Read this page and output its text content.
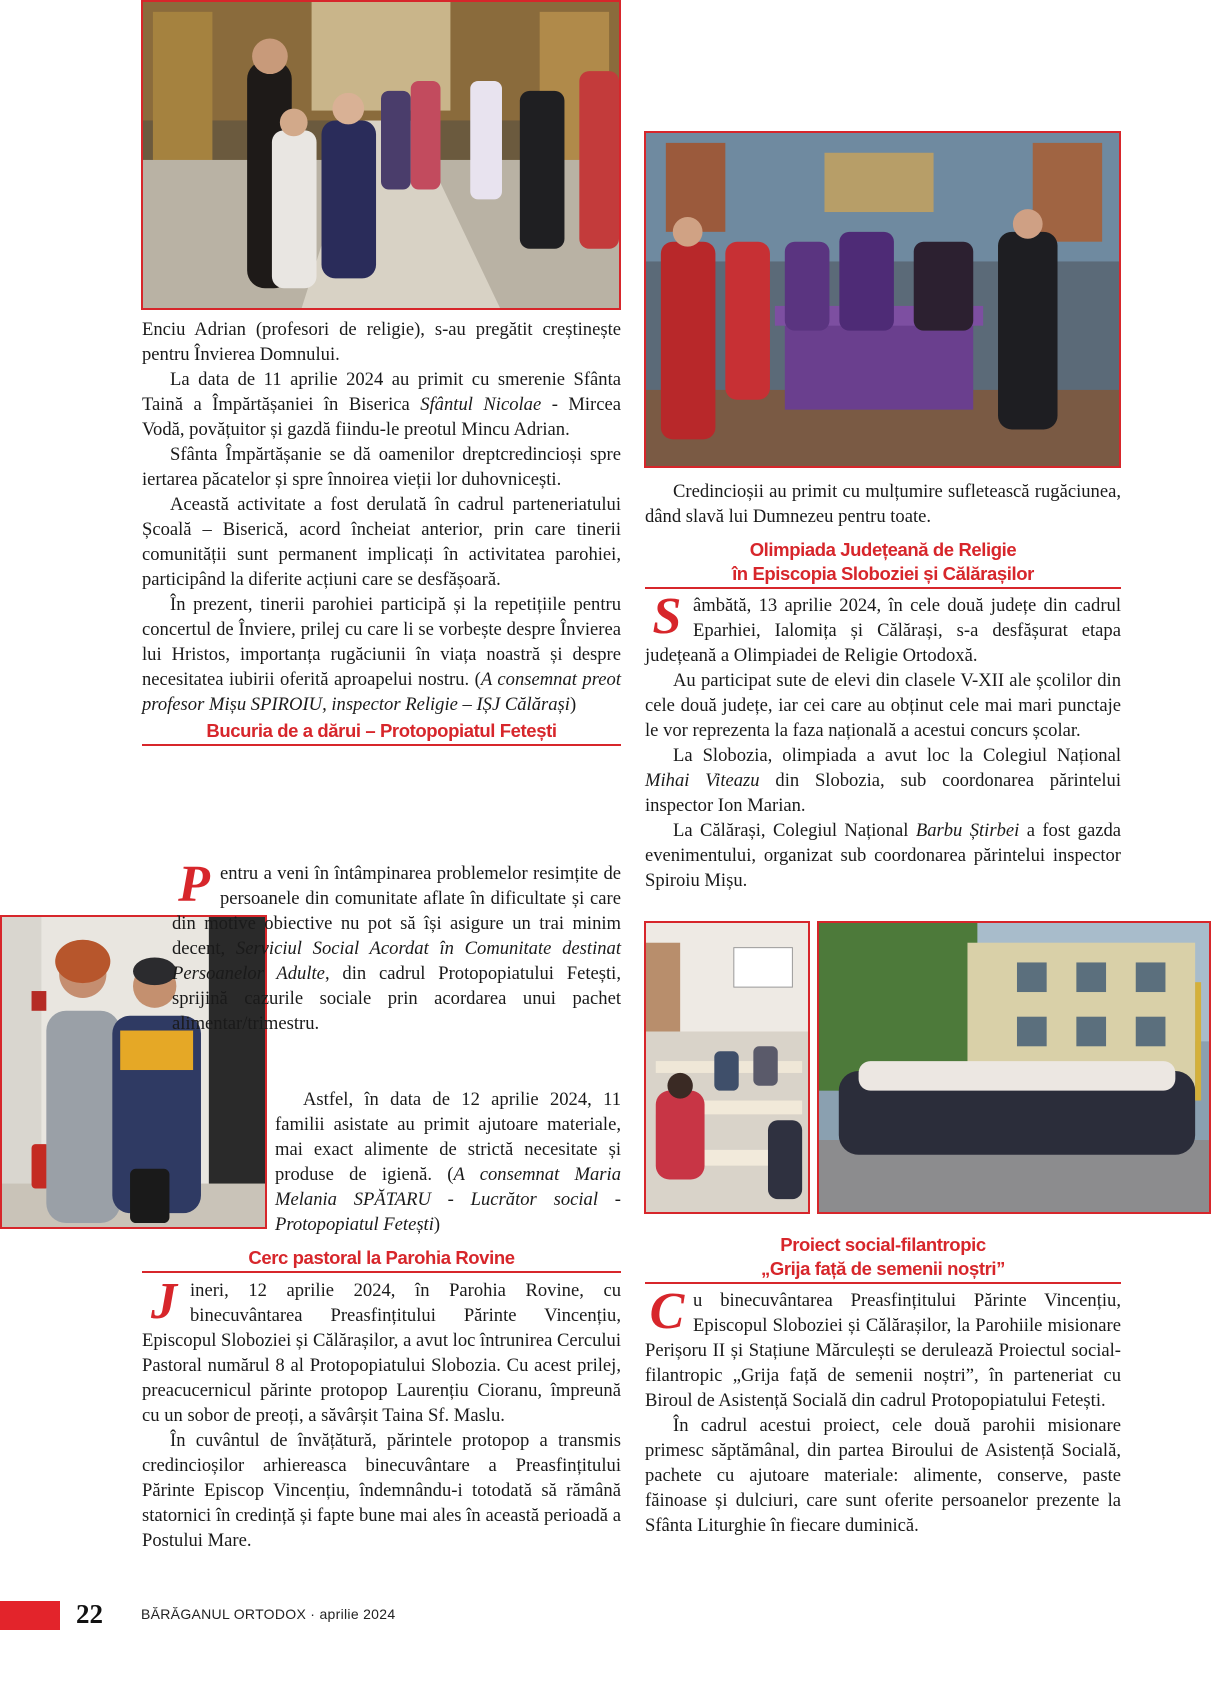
Enciu Adrian (profesori de religie), s-au pregătit creștinește pentru Învierea Domnului.

La data de 11 aprilie 2024 au primit cu smerenie Sfânta Taină a Împărtășaniei în Biserica Sfântul Nicolae - Mircea Vodă, povățuitor și gazdă fiindu-le preotul Mincu Adrian.

Sfânta Împărtășanie se dă oamenilor dreptcredincioși spre iertarea păcatelor și spre înnoirea vieții lor duhovnicești.

Această activitate a fost derulată în cadrul parteneriatului Școală – Biserică, acord încheiat anterior, prin care tinerii comunității sunt permanent implicați în activitatea parohiei, participând la diferite acțiuni care se desfășoară.

În prezent, tinerii parohiei participă și la repetițiile pentru concertul de Înviere, prilej cu care li se vorbește despre Învierea lui Hristos, importanța rugăciunii în viața noastră și despre necesitatea iubirii oferită aproapelui nostru. (A consemnat preot profesor Mișu SPIROIU, inspector Religie – IȘJ Călărași)

Bucuria de a dărui – Protopopiatul Fetești

Pentru a veni în întâmpinarea problemelor resimțite de persoanele din comunitate aflate în dificultate și care din motive obiective nu pot să își asigure un trai minim decent, Serviciul Social Acordat în Comunitate destinat Persoanelor Adulte, din cadrul Protopopiatului Fetești, sprijină cazurile sociale prin acordarea unui pachet alimentar/trimestru.

Astfel, în data de 12 aprilie 2024, 11 familii asistate au primit ajutoare materiale, mai exact alimente de strictă necesitate și produse de igienă. (A consemnat Maria Melania SPĂTARU - Lucrător social - Protopopiatul Fetești)

Cerc pastoral la Parohia Rovine

Jineri, 12 aprilie 2024, în Parohia Rovine, cu binecuvântarea Preasfințitului Părinte Vincențiu, Episcopul Sloboziei și Călărașilor, a avut loc întrunirea Cercului Pastoral numărul 8 al Protopopiatului Slobozia. Cu acest prilej, preacucernicul părinte protopop Laurențiu Cioranu, împreună cu un sobor de preoți, a săvârșit Taina Sf. Maslu.

În cuvântul de învățătură, părintele protopop a transmis credincioșilor arhiereasca binecuvântare a Preasfințitului Părinte Episcop Vincențiu, îndemnându-i totodată să rămână statornici în credință și fapte bune mai ales în această perioadă a Postului Mare.

Credincioșii au primit cu mulțumire sufletească rugăciunea, dând slavă lui Dumnezeu pentru toate.

Olimpiada Județeană de Religie
în Episcopia Sloboziei și Călărașilor

Sâmbătă, 13 aprilie 2024, în cele două județe din cadrul Eparhiei, Ialomița și Călărași, s-a desfășurat etapa județeană a Olimpiadei de Religie Ortodoxă.

Au participat sute de elevi din clasele V-XII ale școlilor din cele două județe, iar cei care au obținut cele mai mari punctaje le vor reprezenta la faza națională a acestui concurs școlar.

La Slobozia, olimpiada a avut loc la Colegiul Național Mihai Viteazu din Slobozia, sub coordonarea părintelui inspector Ion Marian.

La Călărași, Colegiul Național Barbu Știrbei a fost gazda evenimentului, organizat sub coordonarea părintelui inspector Spiroiu Mișu.

Proiect social-filantropic
„Grija față de semenii noștri”

Cu binecuvântarea Preasfințitului Părinte Vincențiu, Episcopul Sloboziei și Călărașilor, la Parohiile misionare Perișoru II și Stațiune Mărculești se derulează Proiectul social-filantropic „Grija față de semenii noștri”, în parteneriat cu Biroul de Asistență Socială din cadrul Protopopiatului Fetești.

În cadrul acestui proiect, cele două parohii misionare primesc săptămânal, din partea Biroului de Asistență Socială, pachete cu ajutoare materiale: alimente, conserve, paste făinoase și dulciuri, care sunt oferite persoanelor prezente la Sfânta Liturghie în fiecare duminică.

22	BĂRĂGANUL ORTODOX · aprilie 2024
